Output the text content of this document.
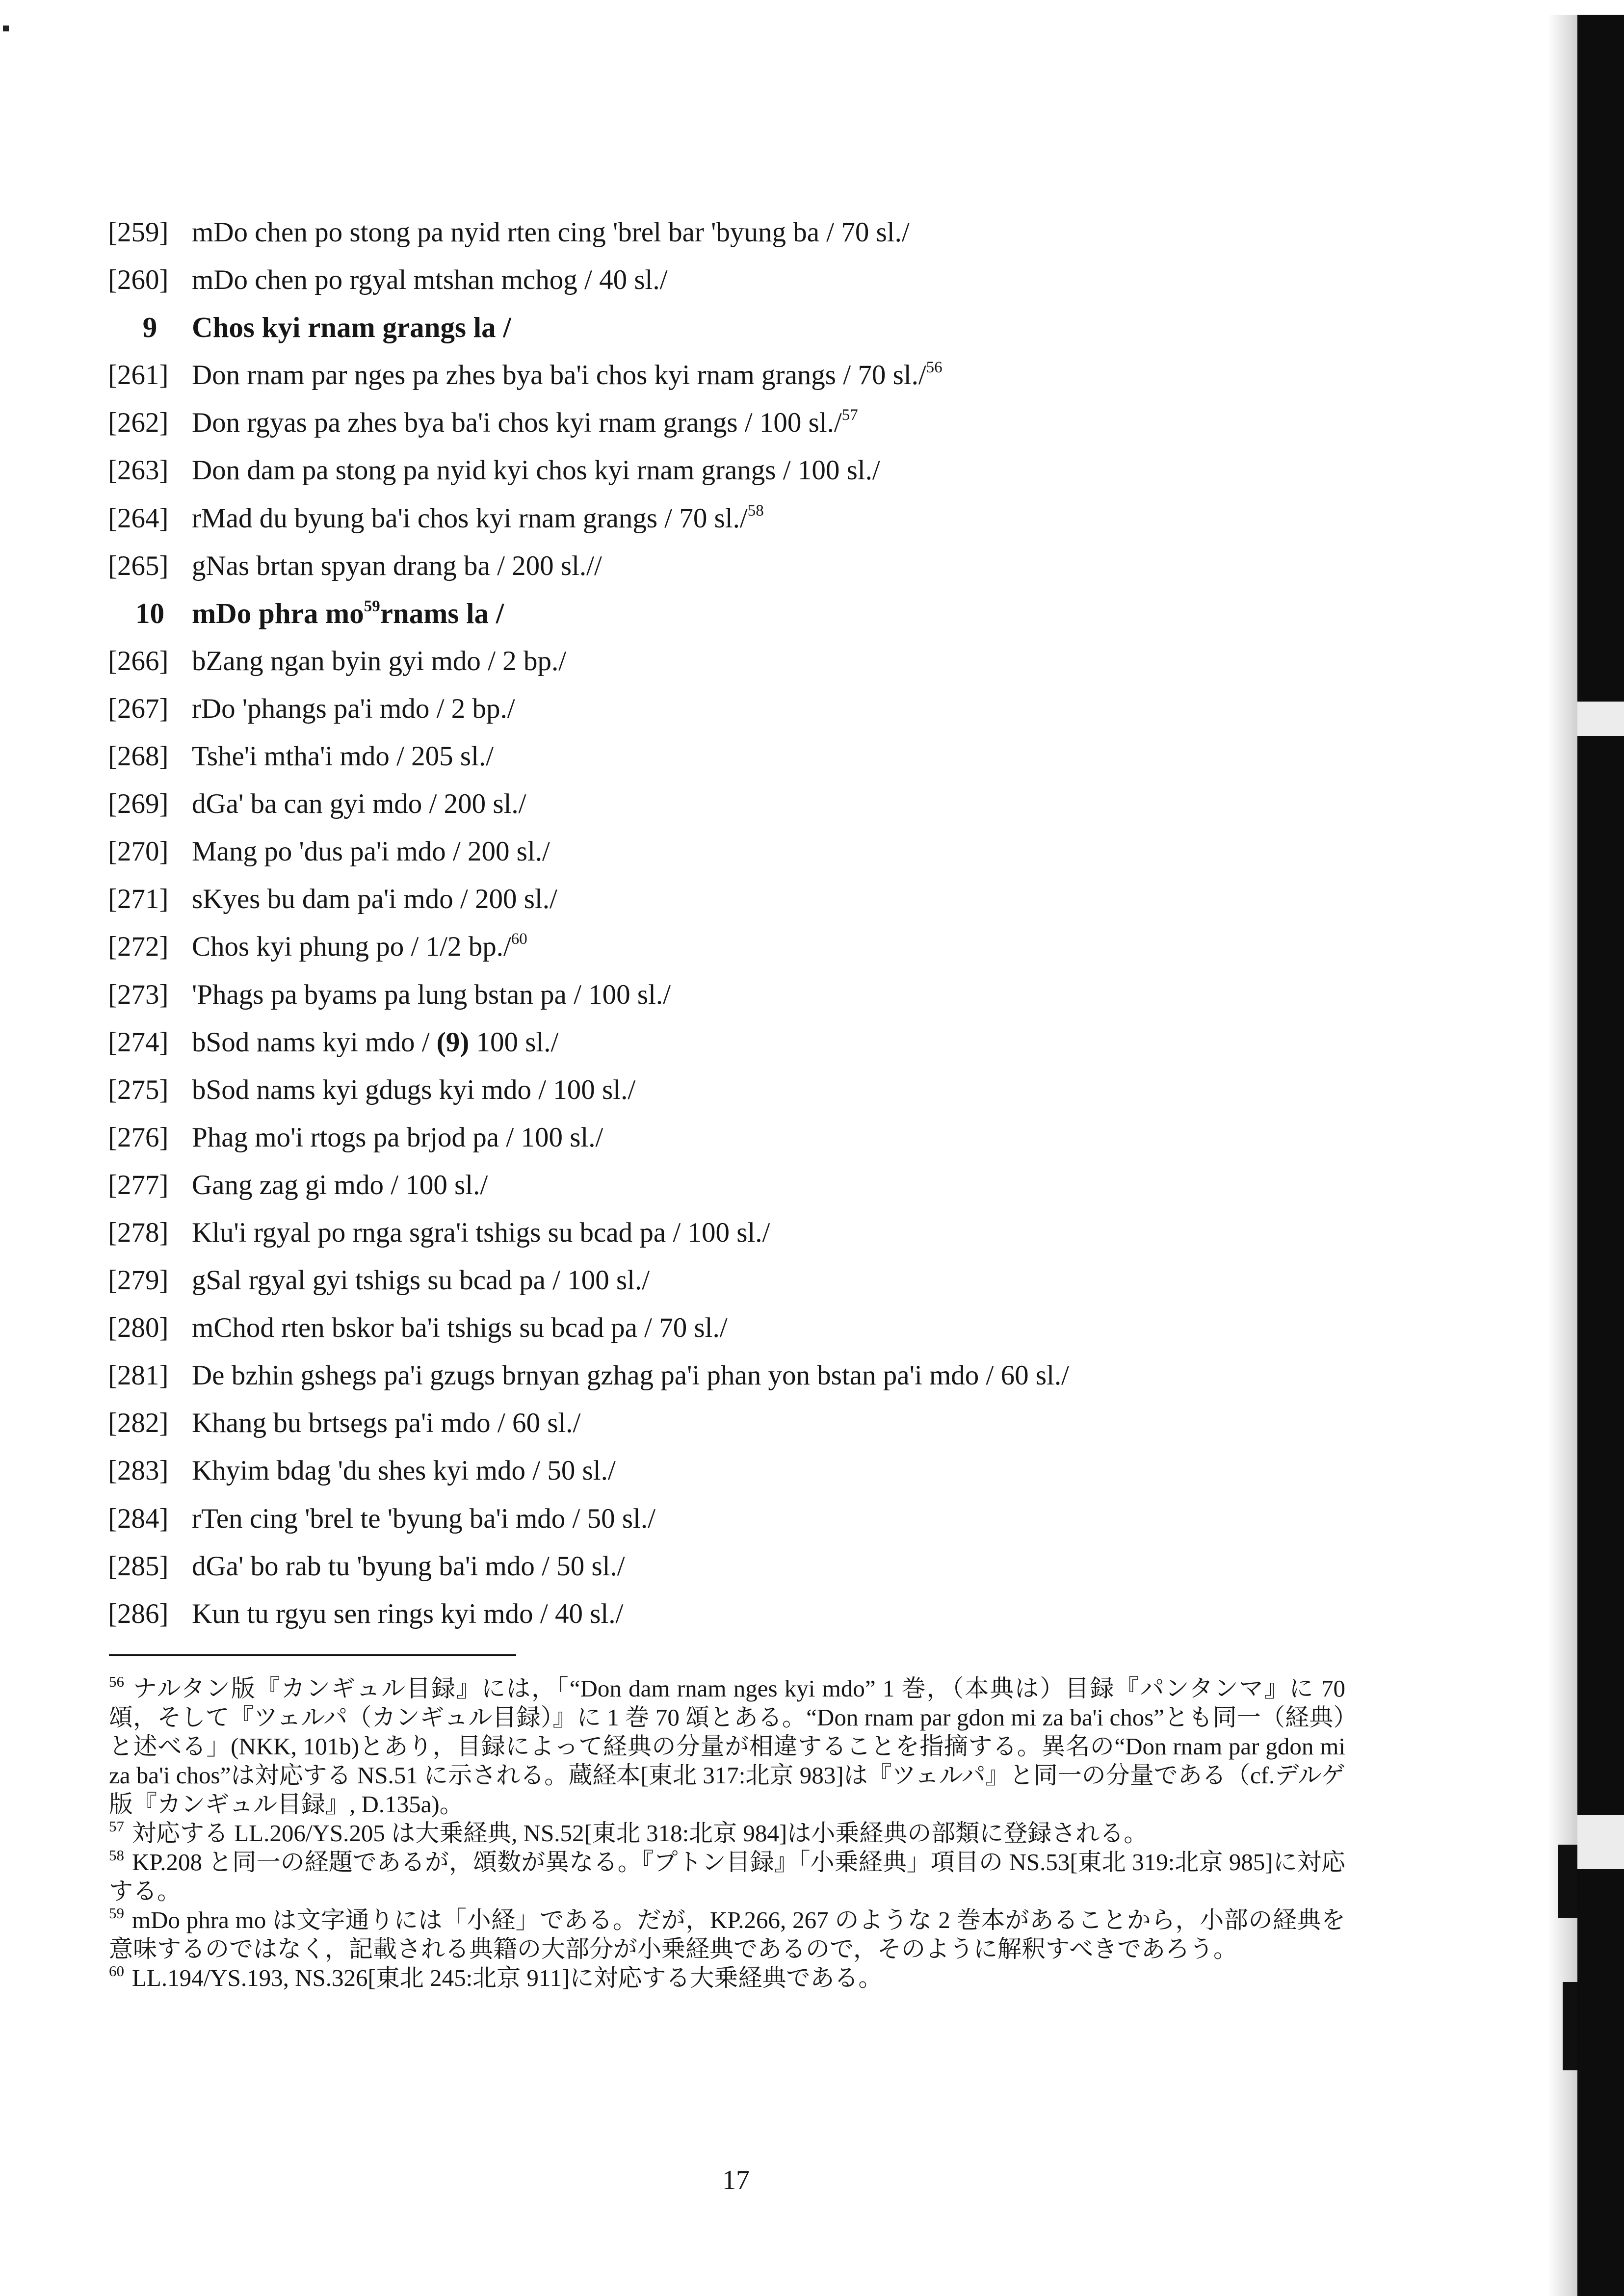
[259] mDo chen po stong pa nyid rten cing 'brel bar 'byung ba / 70 sl./
[260] mDo chen po rgyal mtshan mchog / 40 sl./
9	Chos kyi rnam grangs la /
[261] Don rnam par nges pa zhes bya ba'i chos kyi rnam grangs / 70 sl./$^{56}$
[262] Don rgyas pa zhes bya ba'i chos kyi rnam grangs / 100 sl./$^{57}$
[263] Don dam pa stong pa nyid kyi chos kyi rnam grangs / 100 sl./
[264] rMad du byung ba'i chos kyi rnam grangs / 70 sl./$^{58}$
[265] gNas brtan spyan drang ba / 200 sl.//
10 mDo phra $mo^{59}rnams$ la /
[266] bZang ngan byin gyi mdo / 2 bp./
[267] rDo 'phangs pa'i mdo / 2 bp./
[268] Tshe'i mtha'i mdo / 205 sl./
[269] dGa' ba can gyi mdo / 200 sl./
[270] Mang po 'dus pa'i mdo / 200 sl./
[271] sKyes bu dam pa'i mdo / 200 sl./
[272] Chos kyi phung po / 1/2 bp./$^{60}$
[273] 'Phags pa byams pa lung bstan pa / 100 sl./
[274] bSod nams kyi mdo / (9) 100 sl./
[275] bSod nams kyi gdugs kyi mdo / 100 sl./
[276] Phag mo'i rtogs pa brjod pa / 100 sl./
[277] Gang zag gi mdo / 100 sl./
[278] Klu'i rgyal po rnga sgra'i tshigs su bcad pa / 100 sl./
[279] gSal rgyal gyi tshigs su bcad pa / 100 sl./
[280] mChod rten bskor ba'i tshigs su bcad pa / 70 sl./
[281] De bzhin gshegs pa'i gzugs brnyan gzhag pa'i phan yon bstan pa'i mdo / 60 sl./
[282] Khang bu brtsegs pa'i mdo / 60 sl./
[283] Khyim bdag 'du shes kyi mdo / 50 sl./
[284] rTen cing 'brel te 'byung ba'i mdo / 50 sl./
[285] dGa' bo rab tu 'byung ba'i mdo / 50 sl./
[286] Kun tu rgyu sen rings kyi mdo / 40 sl./

$^{56}$ ナルタン版『カンギュル目録』には，「“Don dam rnam nges kyi mdo” 1 巻，（本典は）目録『パンタンマ』に 70 頌，そして『ツェルパ（カンギュル目録）』に 1 巻 70 頌とある。“Don rnam par gdon mi za ba'i chos”とも同一（経典）と述べる」(NKK, 101b)とあり，目録によって経典の分量が相違することを指摘する。異名の“Don rnam par gdon mi za ba'i chos”は対応する NS.51 に示される。蔵経本[東北 317:北京 983]は『ツェルパ』と同一の分量である（cf.デルゲ版『カンギュル目録』, D.135a)。

$^{57}$ 対応する LL.206/YS.205 は大乗経典, NS.52[東北 318:北京 984]は小乗経典の部類に登録される。

$^{58}$ KP.208 と同一の経題であるが，頌数が異なる。『プトン目録』「小乗経典」項目の NS.53[東北 319:北京 985]に対応する。

$^{59}$ mDo phra mo は文字通りには「小経」である。だが，KP.266, 267 のような 2 巻本があることから，小部の経典を意味するのではなく，記載される典籍の大部分が小乗経典であるので，そのように解釈すべきであろう。

$^{60}$ LL.194/YS.193, NS.326[東北 245:北京 911]に対応する大乗経典である。

17
